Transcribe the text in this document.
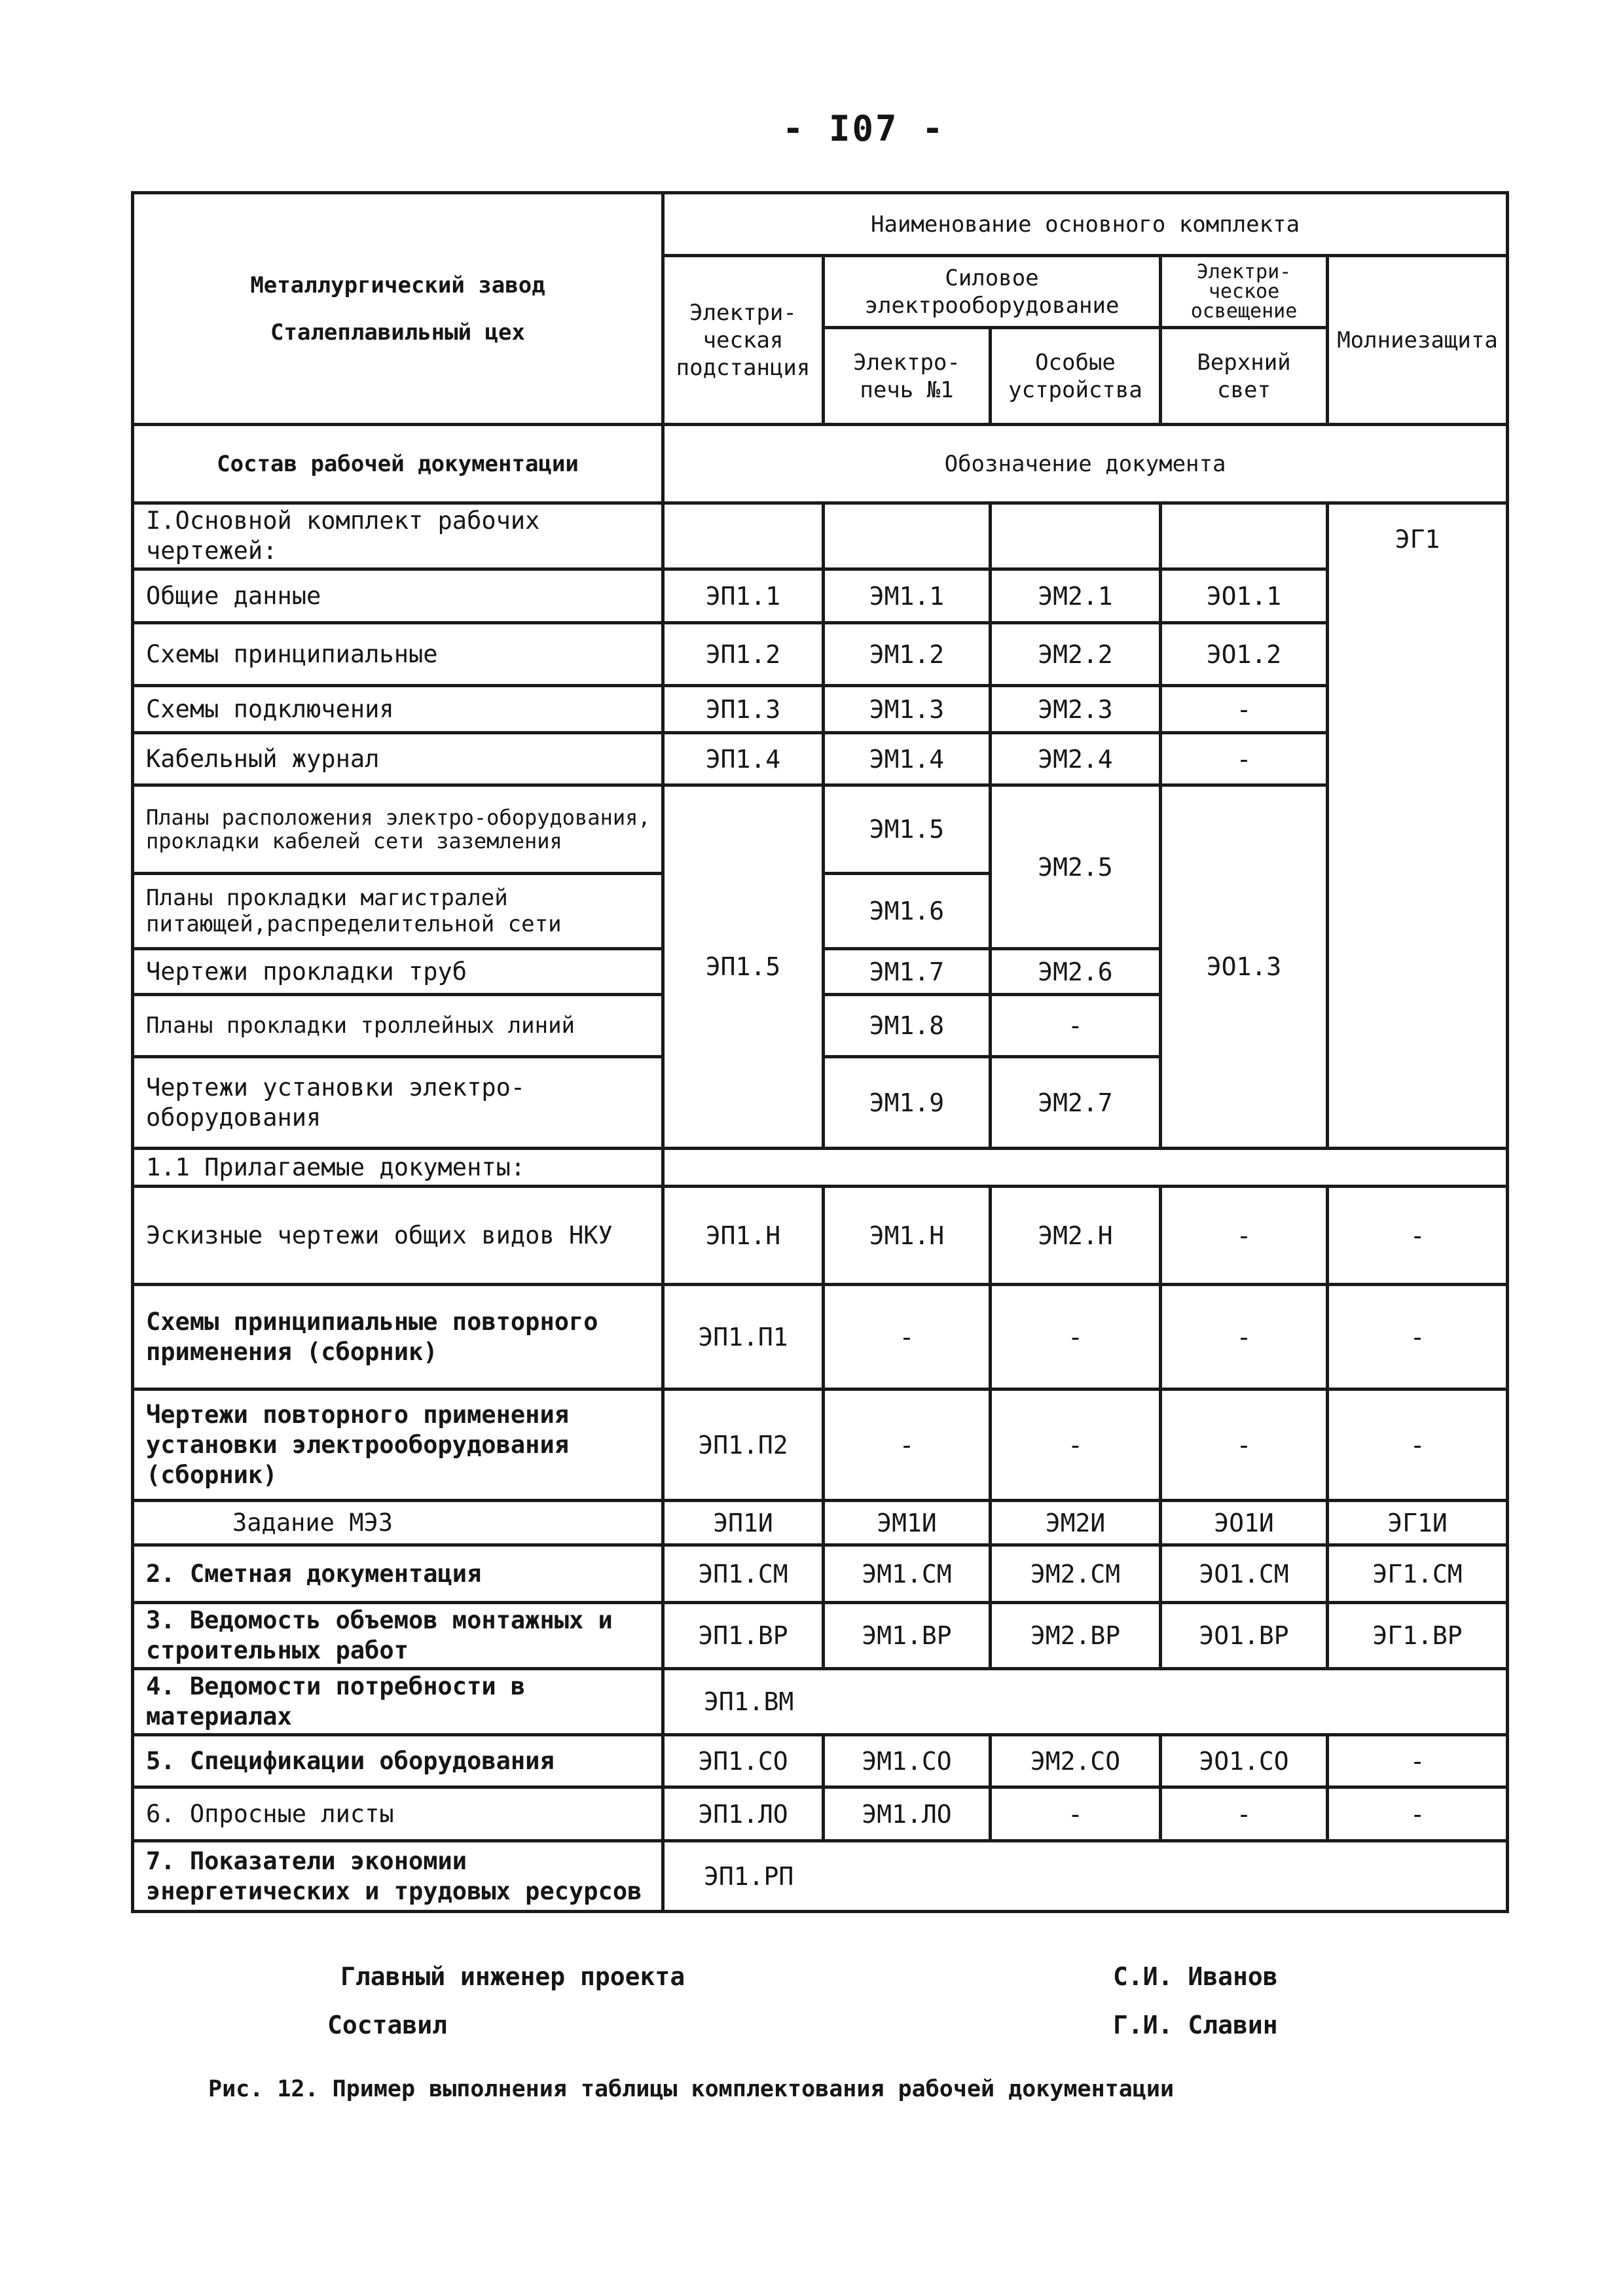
- I07 -
Металлургический завод
Сталеплавильный цех	Наименование основного комплекта				
	Электри-ческая подстанция	Силовое электрооборудование		Электри-ческое освещение	Молниезащита
		Электро-печь №1	Особые устройства	Верхний свет	
Состав рабочей документации	Обозначение документа				
I.Основной комплект рабочих чертежей:					ЭГ1
Общие данные	ЭП1.1	ЭМ1.1	ЭМ2.1	ЭО1.1	
Схемы принципиальные	ЭП1.2	ЭМ1.2	ЭМ2.2	ЭО1.2	
Схемы подключения	ЭП1.3	ЭМ1.3	ЭМ2.3	-	
Кабельный журнал	ЭП1.4	ЭМ1.4	ЭМ2.4	-	
Планы расположения электро-оборудования, прокладки кабелей сети заземления	ЭП1.5	ЭМ1.5	ЭМ2.5	ЭО1.3	
Планы прокладки магистралей питающей,распределительной сети		ЭМ1.6			
Чертежи прокладки труб		ЭМ1.7	ЭМ2.6		
Планы прокладки троллейных линий		ЭМ1.8	-		
Чертежи установки электро-оборудования		ЭМ1.9	ЭМ2.7		
1.1 Прилагаемые документы:					
Эскизные чертежи общих видов НКУ	ЭП1.Н	ЭМ1.Н	ЭМ2.Н	-	-
Схемы принципиальные повторного применения (сборник)	ЭП1.П1	-	-	-	-
Чертежи повторного применения установки электрооборудования (сборник)	ЭП1.П2	-	-	-	-
Задание МЭЗ	ЭП1И	ЭМ1И	ЭМ2И	ЭО1И	ЭГ1И
2. Сметная документация	ЭП1.СМ	ЭМ1.СМ	ЭМ2.СМ	ЭО1.СМ	ЭГ1.СМ
3. Ведомость объемов монтажных и строительных работ	ЭП1.ВР	ЭМ1.ВР	ЭМ2.ВР	ЭО1.ВР	ЭГ1.ВР
4. Ведомости потребности в материалах	ЭП1.ВМ				
5. Спецификации оборудования	ЭП1.СО	ЭМ1.СО	ЭМ2.СО	ЭО1.СО	-
6. Опросные листы	ЭП1.ЛО	ЭМ1.ЛО	-	-	-
7. Показатели экономии энергетических и трудовых ресурсов	ЭП1.РП				
Главный инженер проекта	С.И. Иванов
Составил	Г.И. Славин
Рис. 12. Пример выполнения таблицы комплектования рабочей документации
